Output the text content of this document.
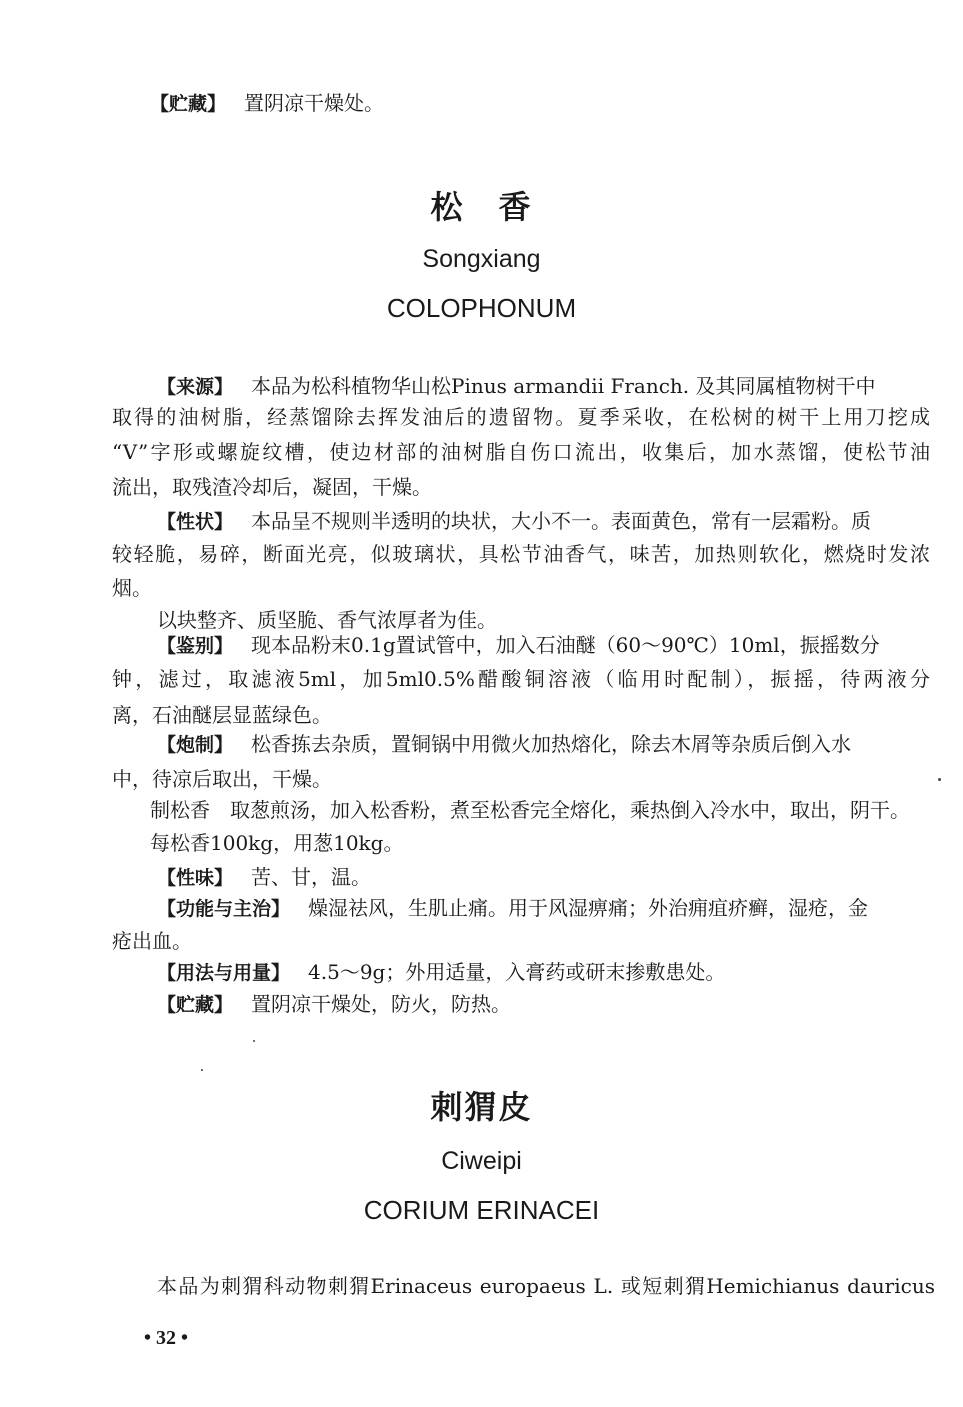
【贮藏】 置阴凉干燥处。
松　香
Songxiang
COLOPHONUM
【来源】 本品为松科植物华山松Pinus armandii Franch. 及其同属植物树干中
取得的油树脂，经蒸馏除去挥发油后的遗留物。夏季采收，在松树的树干上用刀挖成
“V”字形或螺旋纹槽，使边材部的油树脂自伤口流出，收集后，加水蒸馏，使松节油
流出，取残渣冷却后，凝固，干燥。
【性状】 本品呈不规则半透明的块状，大小不一。表面黄色，常有一层霜粉。质
较轻脆，易碎，断面光亮，似玻璃状，具松节油香气，味苦，加热则软化，燃烧时发浓
烟。
以块整齐、质坚脆、香气浓厚者为佳。
【鉴别】 现本品粉末0.1g置试管中，加入石油醚（60～90℃）10ml，振摇数分
钟，滤过，取滤液5ml，加5ml0.5%醋酸铜溶液（临用时配制），振摇，待两液分
离，石油醚层显蓝绿色。
【炮制】 松香拣去杂质，置铜锅中用微火加热熔化，除去木屑等杂质后倒入水
中，待凉后取出，干燥。
制松香　取葱煎汤，加入松香粉，煮至松香完全熔化，乘热倒入冷水中，取出，阴干。
每松香100kg，用葱10kg。
【性味】 苦、甘，温。
【功能与主治】 燥湿祛风，生肌止痛。用于风湿痹痛；外治痈疽疥癣，湿疮，金
疮出血。
【用法与用量】 4.5～9g；外用适量，入膏药或研末掺敷患处。
【贮藏】 置阴凉干燥处，防火，防热。
刺猬皮
Ciweipi
CORIUM ERINACEI
本品为刺猬科动物刺猬Erinaceus europaeus L. 或短刺猬Hemichianus dauricus
• 32 •
